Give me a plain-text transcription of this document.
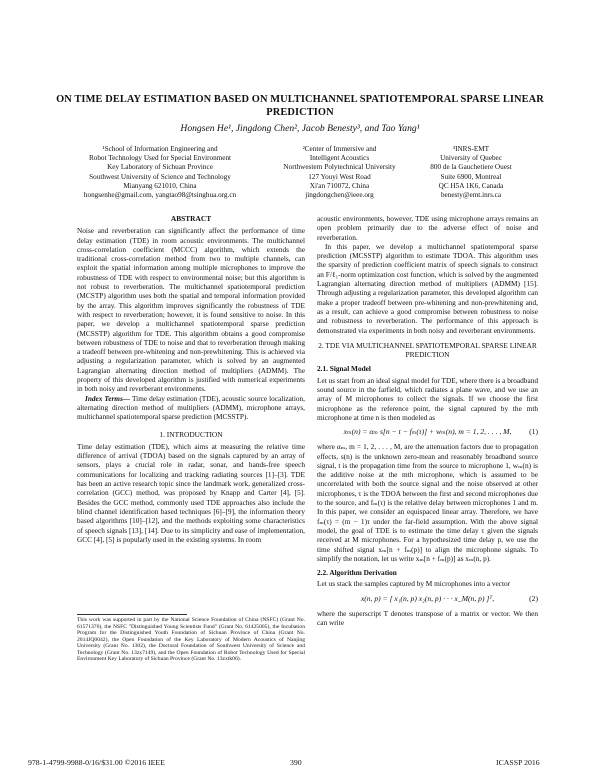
ON TIME DELAY ESTIMATION BASED ON MULTICHANNEL SPATIOTEMPORAL SPARSE LINEAR PREDICTION
Hongsen He¹, Jingdong Chen², Jacob Benesty³, and Tao Yang¹
¹School of Information Engineering and
Robot Technology Used for Special Environment
Key Laboratory of Sichuan Province
Southwest University of Science and Technology
Mianyang 621010, China
hongsenhe@gmail.com, yangtao98@tsinghua.org.cn
²Center of Immersive and
Intelligent Acoustics
Northwestern Polytechnical University
127 Youyi West Road
Xi'an 710072, China
jingdongchen@ieee.org
³INRS-EMT
University of Quebec
800 de la Gauchetiere Ouest
Suite 6900, Montreal
QC H5A 1K6, Canada
benesty@emt.inrs.ca
ABSTRACT

Noise and reverberation can significantly affect the performance of time delay estimation (TDE) in room acoustic environments. The multichannel cross-correlation coefficient (MCCC) algorithm, which extends the traditional cross-correlation method from two to multiple channels, can exploit the spatial information among multiple microphones to improve the robustness of TDE with respect to environmental noise; but this algorithm is not robust to reverberation. The multichannel spatiotemporal prediction (MCSTP) algorithm uses both the spatial and temporal information provided by the array. This algorithm improves significantly the robustness of TDE with respect to reverberation; however, it is found sensitive to noise. In this paper, we develop a multichannel spatiotemporal sparse prediction (MCSSTP) algorithm for TDE. This algorithm obtains a good compromise between robustness of TDE to noise and that to reverberation through making a tradeoff between pre-whitening and non-prewhitening. This is achieved via adjusting a regularization parameter, which is solved by an augmented Lagrangian alternating direction method of multipliers (ADMM). The property of this developed algorithm is justified with numerical experiments in both noisy and reverberant environments.

Index Terms— Time delay estimation (TDE), acoustic source localization, alternating direction method of multipliers (ADMM), microphone arrays, multichannel spatiotemporal sparse prediction (MCSSTP).

1. INTRODUCTION

Time delay estimation (TDE), which aims at measuring the relative time difference of arrival (TDOA) based on the signals captured by an array of sensors, plays a crucial role in radar, sonar, and hands-free speech communications for localizing and tracking radiating sources [1]–[3]. TDE has been an active research topic since the landmark work, generalized cross-correlation (GCC) method, was proposed by Knapp and Carter [4], [5]. Besides the GCC method, commonly used TDE approaches also include the blind channel identification based techniques [6]–[9], the information theory based algorithms [10]–[12], and the methods exploiting some characteristics of speech signals [13], [14]. Due to its simplicity and ease of implementation, GCC [4], [5] is popularly used in the existing systems. In room

This work was supported in part by the National Science Foundation of China (NSFC) (Grant No. 61571376), the NSFC "Distinguished Young Scientists Fund" (Grant No. 61425005), the Incubation Program for the Distinguished Youth Foundation of Sichuan Province of China (Grant No. 2014JQ0042), the Open Foundation of the Key Laboratory of Modern Acoustics of Nanjing University (Grant No. 1302), the Doctoral Foundation of Southwest University of Science and Technology (Grant No. 13zx7149), and the Open Foundation of Robot Technology Used for Special Environment Key Laboratory of Sichuan Province (Grant No. 13zxtk06).

acoustic environments, however, TDE using microphone arrays remains an open problem primarily due to the adverse effect of noise and reverberation.

In this paper, we develop a multichannel spatiotemporal sparse prediction (MCSSTP) algorithm to estimate TDOA. This algorithm uses the sparsity of prediction coefficient matrix of speech signals to construct an F/ℓ₁-norm optimization cost function, which is solved by the augmented Lagrangian alternating direction method of multipliers (ADMM) [15]. Through adjusting a regularization parameter, this developed algorithm can make a proper tradeoff between pre-whitening and non-prewhitening and, as a result, can achieve a good compromise between robustness to noise and robustness to reverberation. The performance of this approach is demonstrated via experiments in both noisy and reverberant environments.

2. TDE VIA MULTICHANNEL SPATIOTEMPORAL SPARSE LINEAR PREDICTION
2.1. Signal Model

Let us start from an ideal signal model for TDE, where there is a broadband sound source in the farfield, which radiates a plane wave, and we use an array of M microphones to collect the signals. If we choose the first microphone as the reference point, the signal captured by the mth microphone at time n is then modeled as

xₘ(n) = αₘ s[n − t − fₘ(τ)] + wₘ(n), m = 1, 2, . . . , M, (1)

where αₘ, m = 1, 2, . . . , M, are the attenuation factors due to propagation effects, s(n) is the unknown zero-mean and reasonably broadband source signal, t is the propagation time from the source to microphone 1, wₘ(n) is the additive noise at the mth microphone, which is assumed to be uncorrelated with both the source signal and the noise observed at other microphones, τ is the TDOA between the first and second microphones due to the source, and fₘ(τ) is the relative delay between microphones 1 and m. In this paper, we consider an equispaced linear array. Therefore, we have fₘ(τ) = (m − 1)τ under the far-field assumption. With the above signal model, the goal of TDE is to estimate the time delay τ given the signals received at M microphones. For a hypothesized time delay p, we use the time shifted signal xₘ[n + fₘ(p)] to align the microphone signals. To simplify the notation, let us write xₘ[n + fₘ(p)] as xₘ(n, p).

2.2. Algorithm Derivation

Let us stack the samples captured by M microphones into a vector

x(n, p) = [ x₁(n, p) x₂(n, p) · · · x_M(n, p) ]ᵀ,	(2)

where the superscript T denotes transpose of a matrix or vector. We then can write

978-1-4799-9988-0/16/$31.00 ©2016 IEEE	390	ICASSP 2016
